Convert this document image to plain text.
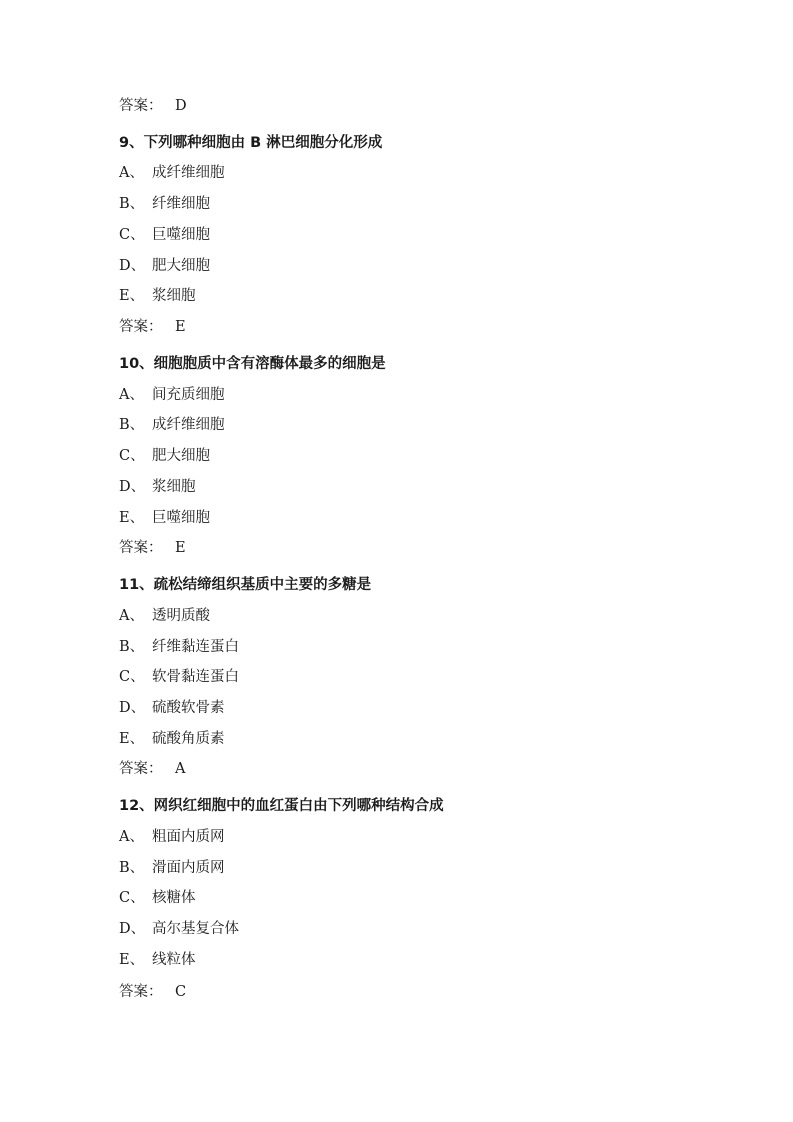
答案： D
9、下列哪种细胞由 B 淋巴细胞分化形成
A、 成纤维细胞
B、 纤维细胞
C、 巨噬细胞
D、 肥大细胞
E、 浆细胞
答案： E
10、细胞胞质中含有溶酶体最多的细胞是
A、 间充质细胞
B、 成纤维细胞
C、 肥大细胞
D、 浆细胞
E、 巨噬细胞
答案： E
11、疏松结缔组织基质中主要的多糖是
A、 透明质酸
B、 纤维黏连蛋白
C、 软骨黏连蛋白
D、 硫酸软骨素
E、 硫酸角质素
答案： A
12、网织红细胞中的血红蛋白由下列哪种结构合成
A、 粗面内质网
B、 滑面内质网
C、 核糖体
D、 高尔基复合体
E、 线粒体
答案： C
